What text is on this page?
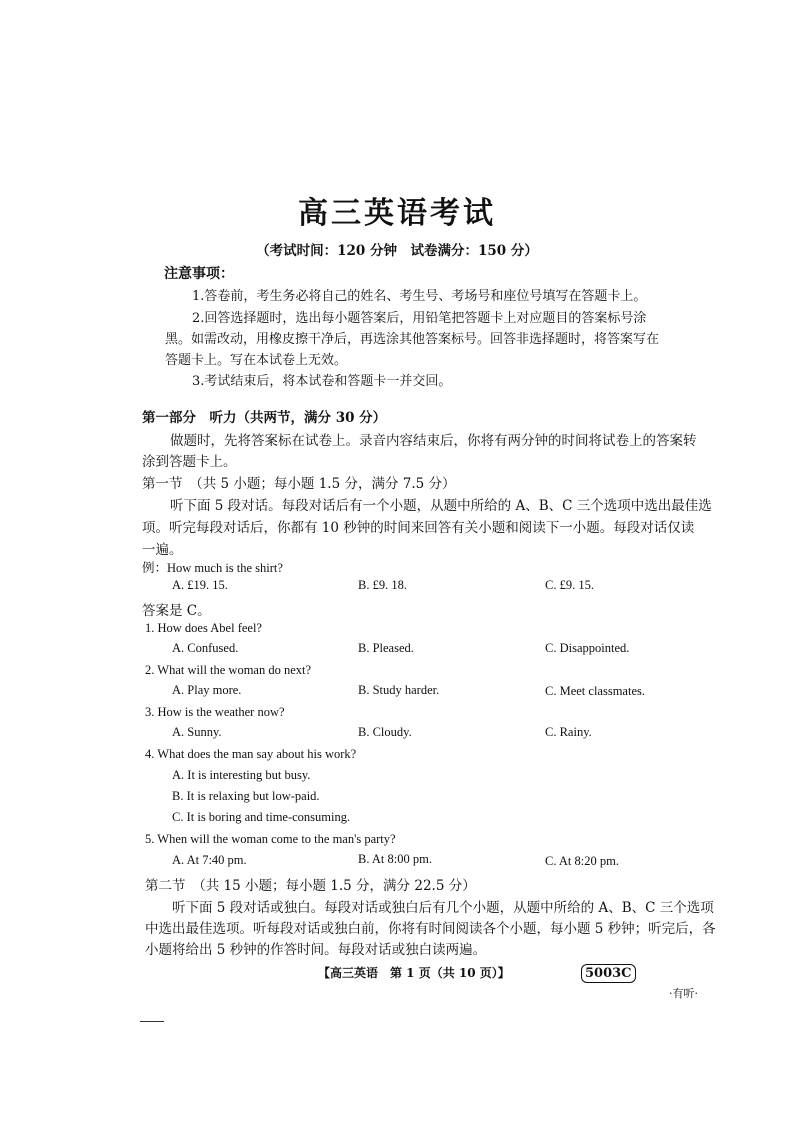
高三英语考试
（考试时间：120 分钟　试卷满分：150 分）
注意事项：
1.答卷前，考生务必将自己的姓名、考生号、考场号和座位号填写在答题卡上。
2.回答选择题时，选出每小题答案后，用铅笔把答题卡上对应题目的答案标号涂
黑。如需改动，用橡皮擦干净后，再选涂其他答案标号。回答非选择题时，将答案写在
答题卡上。写在本试卷上无效。
3.考试结束后，将本试卷和答题卡一并交回。
第一部分　听力（共两节，满分 30 分）
做题时，先将答案标在试卷上。录音内容结束后，你将有两分钟的时间将试卷上的答案转
涂到答题卡上。
第一节　（共 5 小题；每小题 1.5 分，满分 7.5 分）
听下面 5 段对话。每段对话后有一个小题，从题中所给的 A、B、C 三个选项中选出最佳选
项。听完每段对话后，你都有 10 秒钟的时间来回答有关小题和阅读下一小题。每段对话仅读
一遍。
例：How much is the shirt?
A. £19. 15.	B. £9. 18.	C. £9. 15.
答案是 C。
1. How does Abel feel?
A. Confused.	B. Pleased.	C. Disappointed.
2. What will the woman do next?
A. Play more.	B. Study harder.	C. Meet classmates.
3. How is the weather now?
A. Sunny.	B. Cloudy.	C. Rainy.
4. What does the man say about his work?
A. It is interesting but busy.
B. It is relaxing but low-paid.
C. It is boring and time-consuming.
5. When will the woman come to the man's party?
A. At 7:40 pm.	B. At 8:00 pm.	C. At 8:20 pm.
第二节　（共 15 小题；每小题 1.5 分，满分 22.5 分）
听下面 5 段对话或独白。每段对话或独白后有几个小题，从题中所给的 A、B、C 三个选项
中选出最佳选项。听每段对话或独白前，你将有时间阅读各个小题，每小题 5 秒钟；听完后，各
小题将给出 5 秒钟的作答时间。每段对话或独白读两遍。
【高三英语　第 1 页（共 10 页）】	5003C
·有听·
